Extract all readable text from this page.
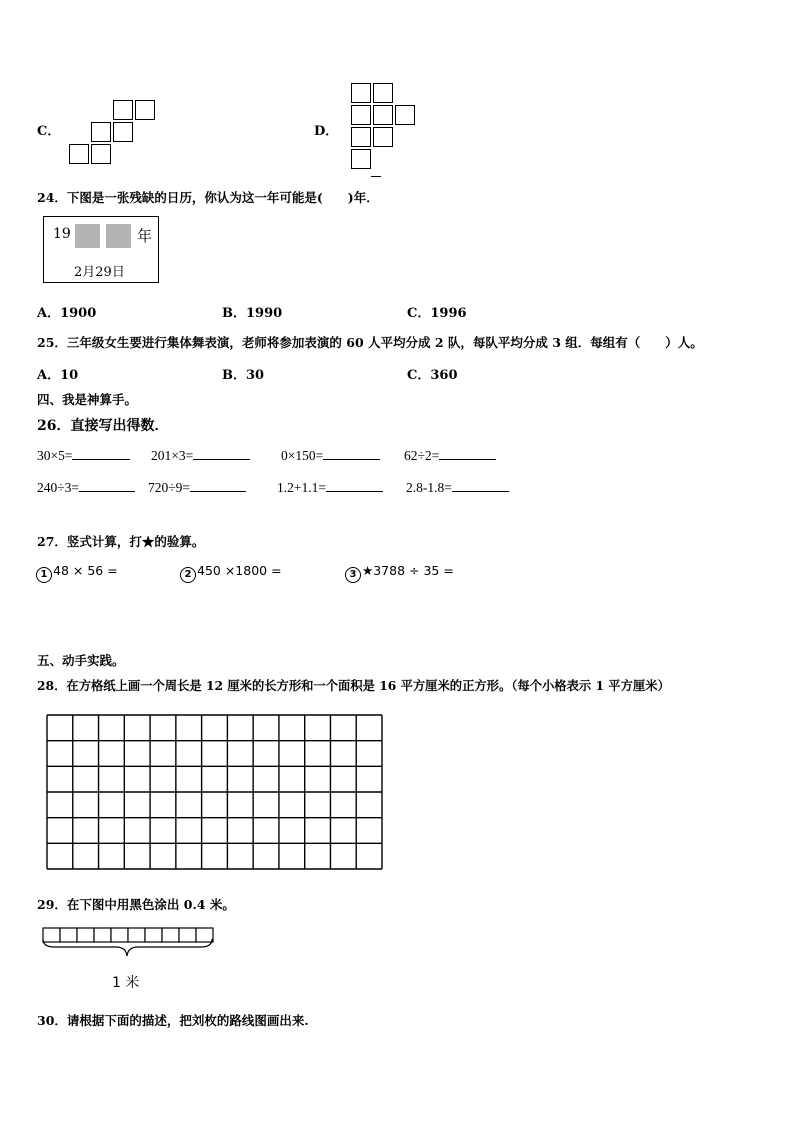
C．	D．
24．下图是一张残缺的日历，你认为这一年可能是(　　)年．
19	年
2月29日
A．1900	B．1990	C．1996
25．三年级女生要进行集体舞表演，老师将参加表演的 60 人平均分成 2 队，每队平均分成 3 组．每组有（　　）人。
A．10	B．30	C．360
四、我是神算手。
26．直接写出得数．
30×5=	201×3=	0×150=	62÷2=
240÷3=	720÷9=	1.2+1.1=	2.8-1.8=
27．竖式计算，打★的验算。
1 48 × 56 =	2 450 ×1800 =	3 ★3788 ÷ 35 =
五、动手实践。
28．在方格纸上画一个周长是 12 厘米的长方形和一个面积是 16 平方厘米的正方形。（每个小格表示 1 平方厘米）
29．在下图中用黑色涂出 0.4 米。
1 米
30．请根据下面的描述，把刘枚的路线图画出来.
